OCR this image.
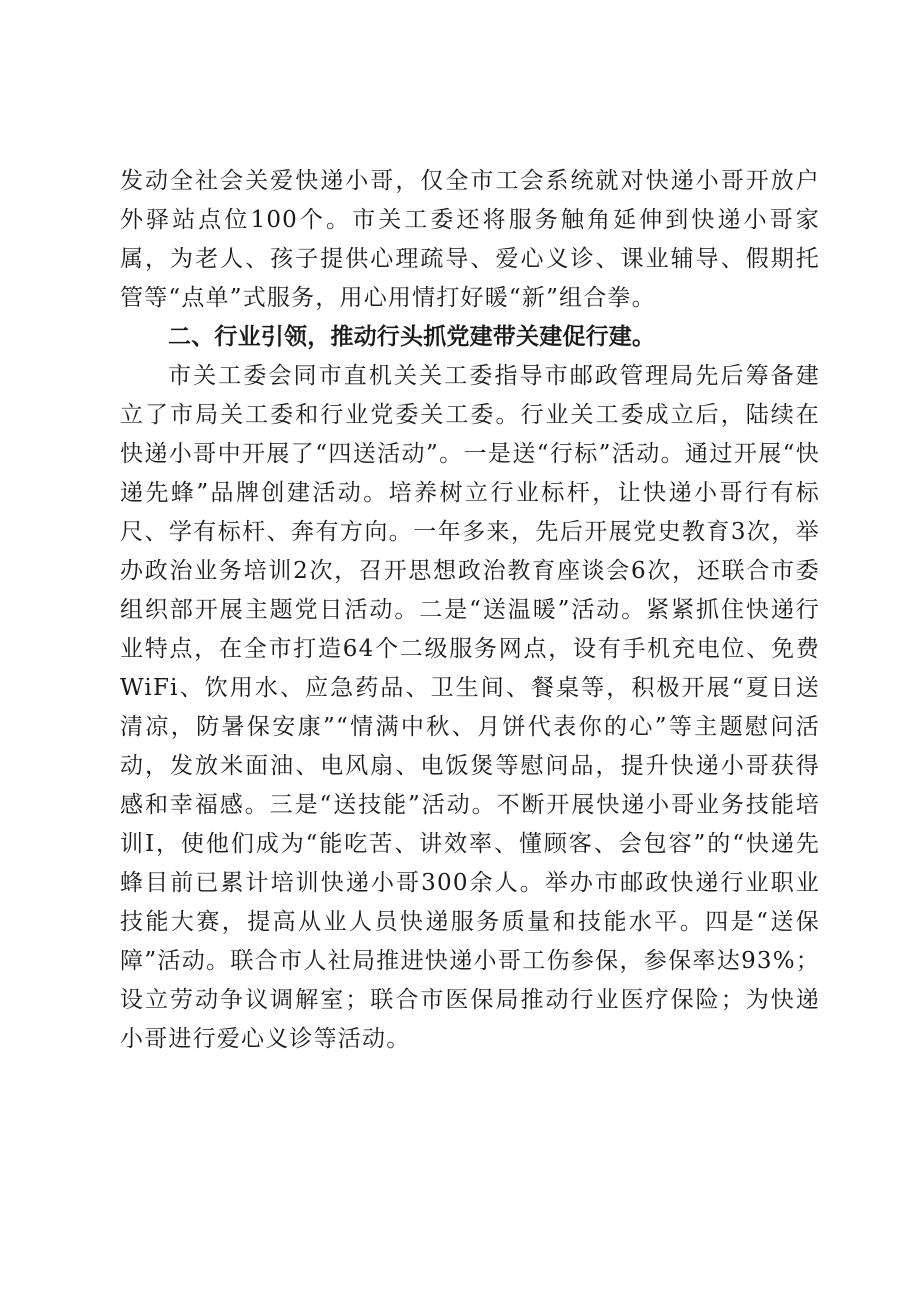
发动全社会关爱快递小哥，仅全市工会系统就对快递小哥开放户外驿站点位100个。市关工委还将服务触角延伸到快递小哥家属，为老人、孩子提供心理疏导、爱心义诊、课业辅导、假期托管等“点单”式服务，用心用情打好暖“新”组合拳。

二、行业引领，推动行头抓党建带关建促行建。

市关工委会同市直机关关工委指导市邮政管理局先后筹备建立了市局关工委和行业党委关工委。行业关工委成立后，陆续在快递小哥中开展了“四送活动”。一是送“行标”活动。通过开展“快递先蜂”品牌创建活动。培养树立行业标杆，让快递小哥行有标尺、学有标杆、奔有方向。一年多来，先后开展党史教育3次，举办政治业务培训2次，召开思想政治教育座谈会6次，还联合市委组织部开展主题党日活动。二是“送温暖”活动。紧紧抓住快递行业特点，在全市打造64个二级服务网点，设有手机充电位、免费WiFi、饮用水、应急药品、卫生间、餐桌等，积极开展“夏日送清凉，防暑保安康”“情满中秋、月饼代表你的心”等主题慰问活动，发放米面油、电风扇、电饭煲等慰问品，提升快递小哥获得感和幸福感。三是“送技能”活动。不断开展快递小哥业务技能培训I，使他们成为“能吃苦、讲效率、懂顾客、会包容”的“快递先蜂目前已累计培训快递小哥300余人。举办市邮政快递行业职业技能大赛，提高从业人员快递服务质量和技能水平。四是“送保障”活动。联合市人社局推进快递小哥工伤参保，参保率达93%；设立劳动争议调解室；联合市医保局推动行业医疗保险；为快递小哥进行爱心义诊等活动。
